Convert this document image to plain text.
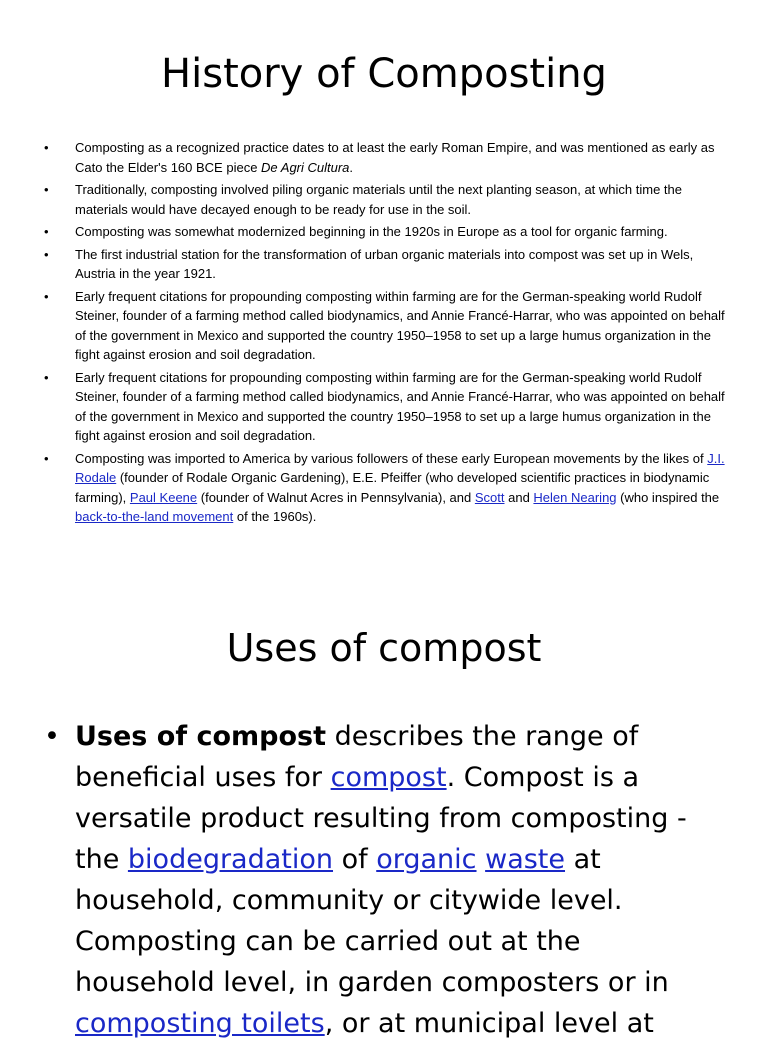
History of Composting
• Composting as a recognized practice dates to at least the early Roman Empire, and was mentioned as early as Cato the Elder's 160 BCE piece De Agri Cultura.
• Traditionally, composting involved piling organic materials until the next planting season, at which time the materials would have decayed enough to be ready for use in the soil.
• Composting was somewhat modernized beginning in the 1920s in Europe as a tool for organic farming.
• The first industrial station for the transformation of urban organic materials into compost was set up in Wels, Austria in the year 1921.
• Early frequent citations for propounding composting within farming are for the German-speaking world Rudolf Steiner, founder of a farming method called biodynamics, and Annie Francé-Harrar, who was appointed on behalf of the government in Mexico and supported the country 1950–1958 to set up a large humus organization in the fight against erosion and soil degradation.
• Early frequent citations for propounding composting within farming are for the German-speaking world Rudolf Steiner, founder of a farming method called biodynamics, and Annie Francé-Harrar, who was appointed on behalf of the government in Mexico and supported the country 1950–1958 to set up a large humus organization in the fight against erosion and soil degradation.
• Composting was imported to America by various followers of these early European movements by the likes of J.I. Rodale (founder of Rodale Organic Gardening), E.E. Pfeiffer (who developed scientific practices in biodynamic farming), Paul Keene (founder of Walnut Acres in Pennsylvania), and Scott and Helen Nearing (who inspired the back-to-the-land movement of the 1960s).
Uses of compost
• Uses of compost describes the range of beneficial uses for compost. Compost is a versatile product resulting from composting - the biodegradation of organic waste at household, community or citywide level. Composting can be carried out at the household level, in garden composters or in composting toilets, or at municipal level at
